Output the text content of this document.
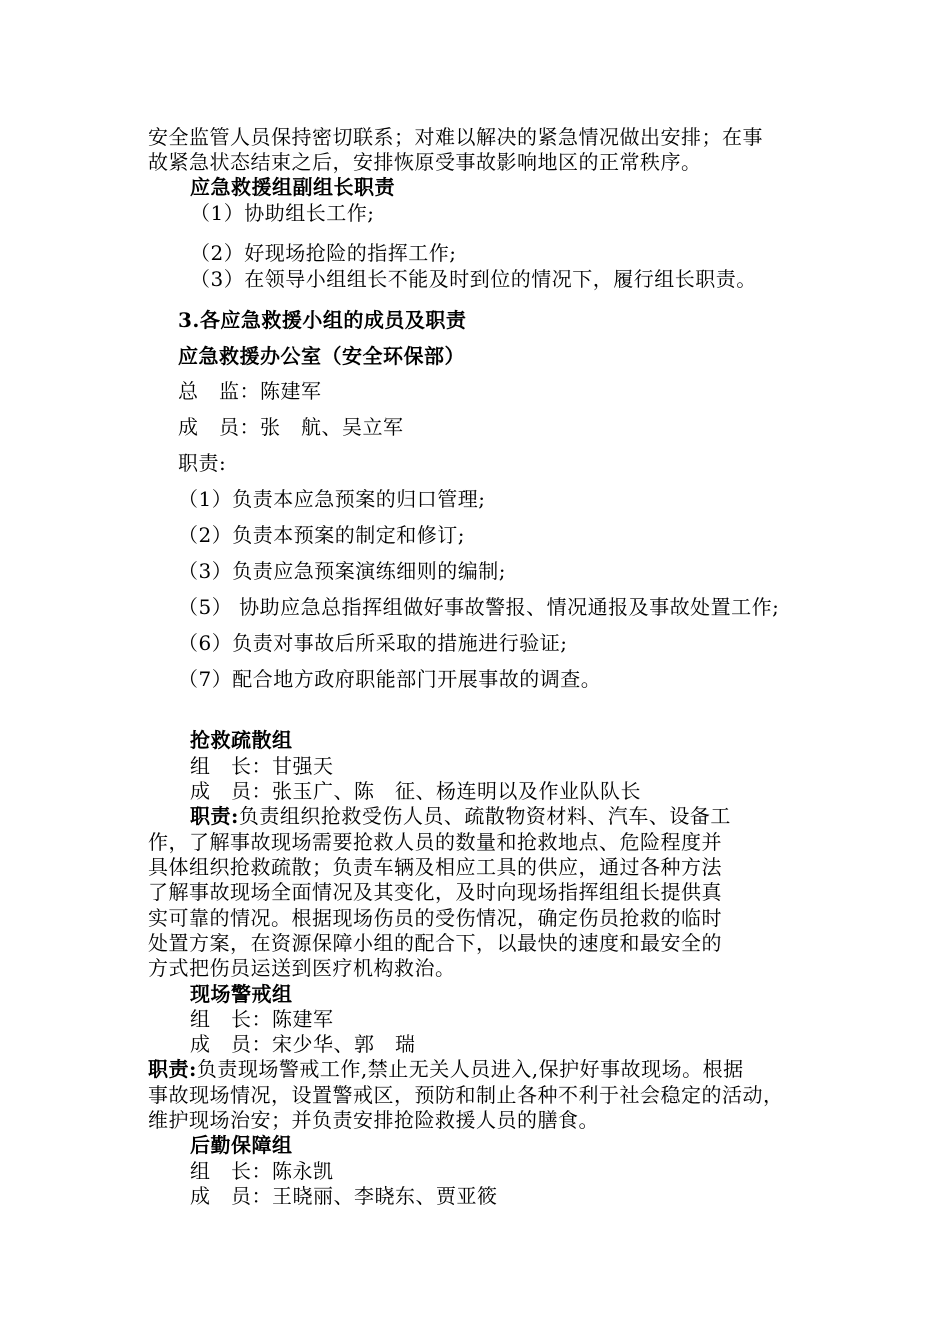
安全监管人员保持密切联系；对难以解决的紧急情况做出安排；在事
故紧急状态结束之后，安排恢原受事故影响地区的正常秩序。
应急救援组副组长职责
（1）协助组长工作;
（2）好现场抢险的指挥工作;
（3）在领导小组组长不能及时到位的情况下，履行组长职责。
3.各应急救援小组的成员及职责
应急救援办公室（安全环保部）
总　监：陈建军
成　员：张　航、吴立军
职责:
（1）负责本应急预案的归口管理;
（2）负责本预案的制定和修订;
（3）负责应急预案演练细则的编制;
（5） 协助应急总指挥组做好事故警报、情况通报及事故处置工作;
（6）负责对事故后所采取的措施进行验证;
（7）配合地方政府职能部门开展事故的调查。
抢救疏散组
组　长：甘强天
成　员：张玉广、陈　征、杨连明以及作业队队长
职责:负责组织抢救受伤人员、疏散物资材料、汽车、设备工
作，了解事故现场需要抢救人员的数量和抢救地点、危险程度并
具体组织抢救疏散；负责车辆及相应工具的供应，通过各种方法
了解事故现场全面情况及其变化，及时向现场指挥组组长提供真
实可靠的情况。根据现场伤员的受伤情况，确定伤员抢救的临时
处置方案，在资源保障小组的配合下，以最快的速度和最安全的
方式把伤员运送到医疗机构救治。
现场警戒组
组　长：陈建军
成　员：宋少华、郭　瑞
职责:负责现场警戒工作,禁止无关人员进入,保护好事故现场。根据
事故现场情况，设置警戒区，预防和制止各种不利于社会稳定的活动，
维护现场治安；并负责安排抢险救援人员的膳食。
后勤保障组
组　长：陈永凯
成　员：王晓丽、李晓东、贾亚筱
